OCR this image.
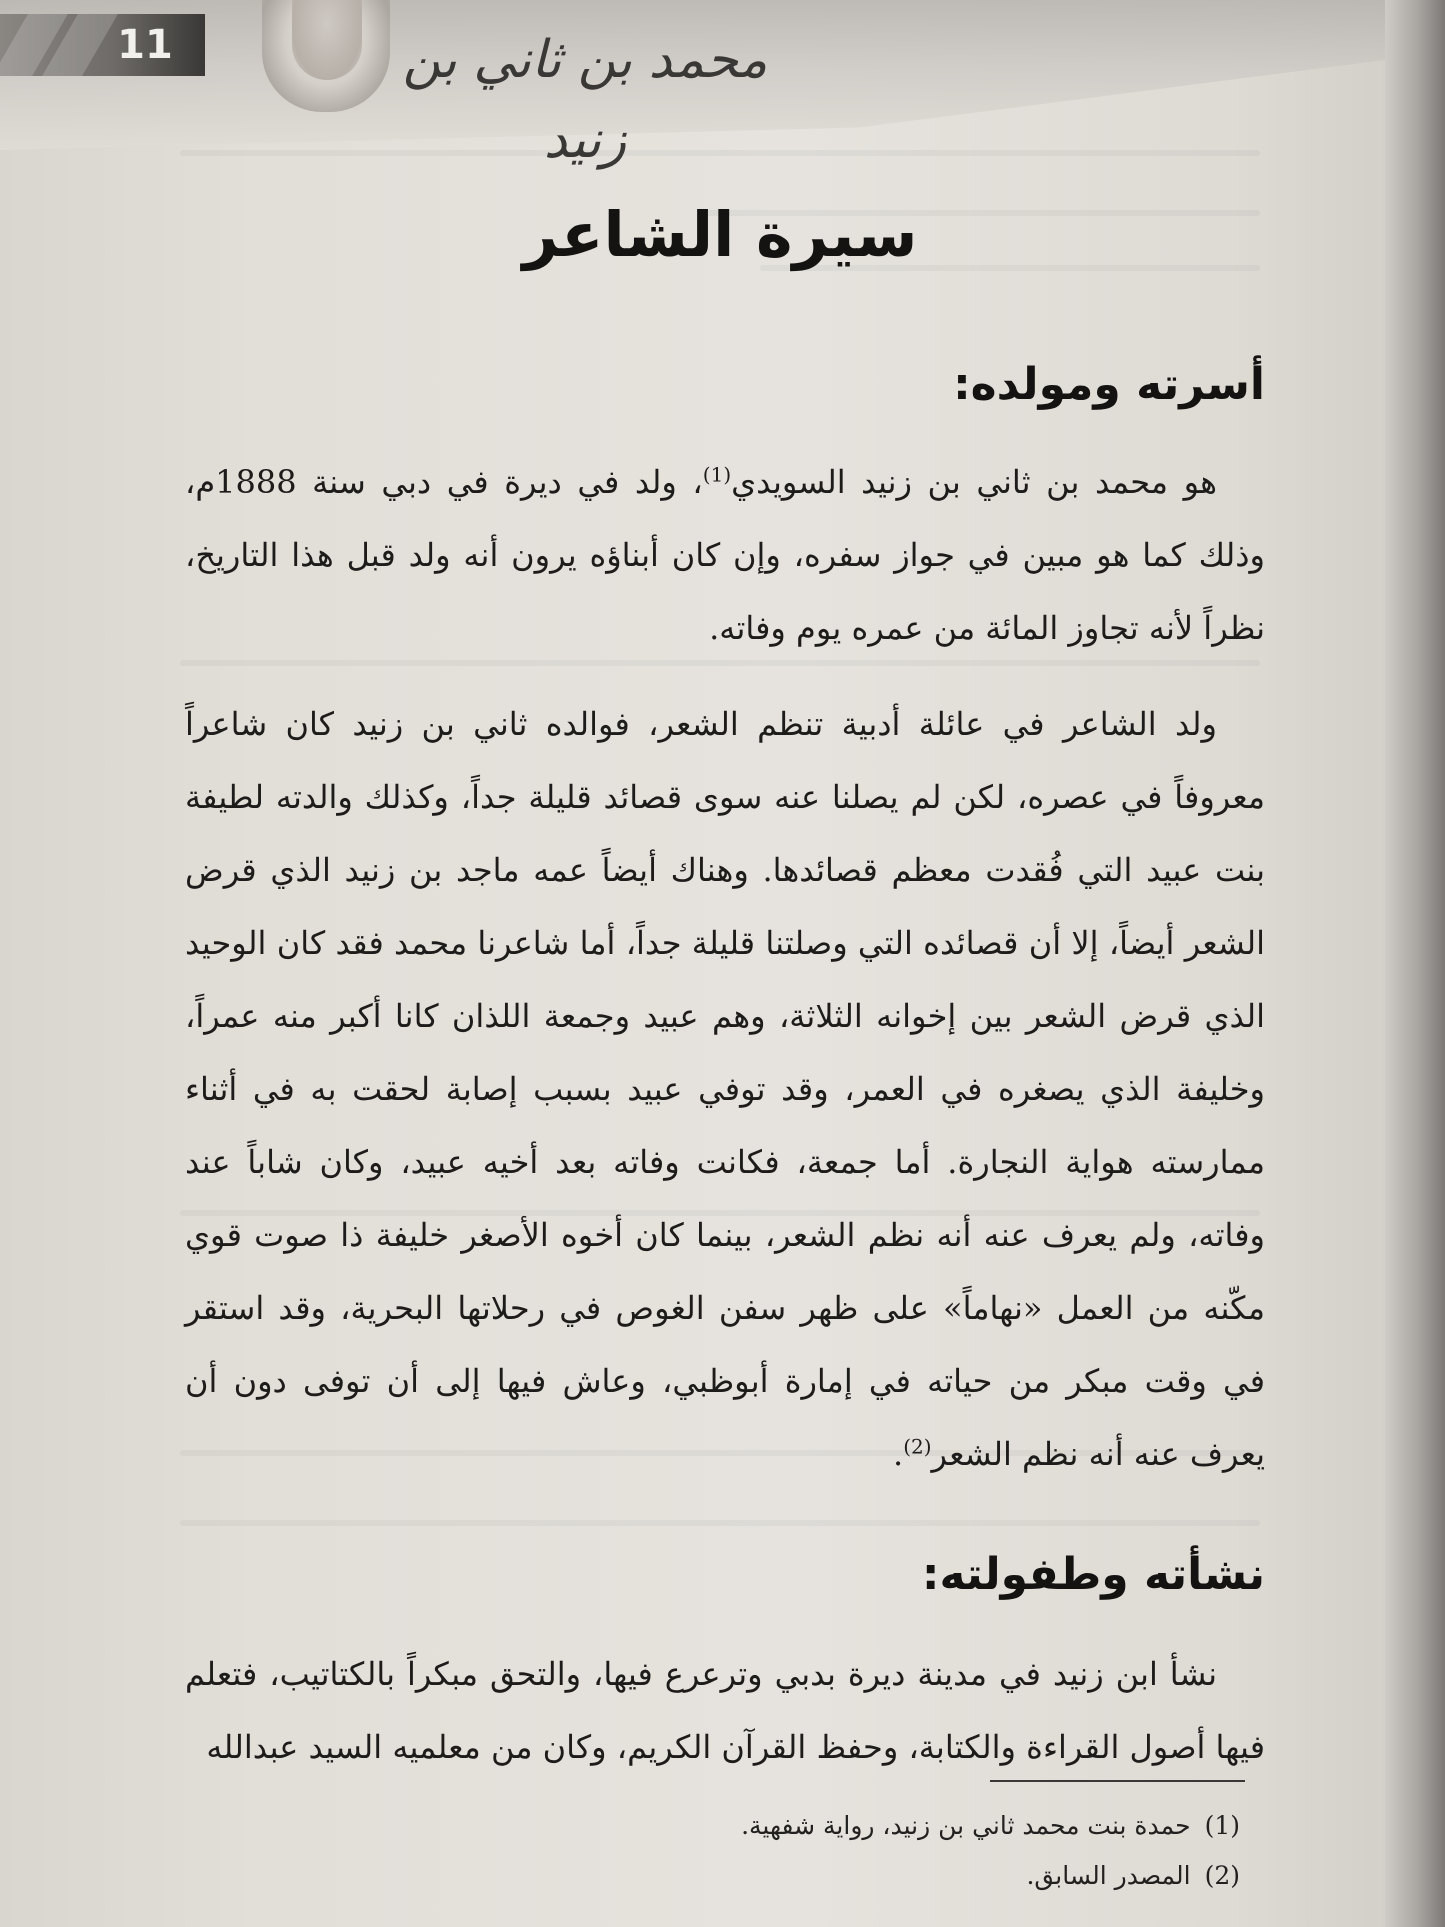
11	محمد بن ثاني بن زنيد
سيرة الشاعر
أسرته ومولده:
هو محمد بن ثاني بن زنيد السويدي$^{(1)}$، ولد في ديرة في دبي سنة 1888م، وذلك كما هو مبين في جواز سفره، وإن كان أبناؤه يرون أنه ولد قبل هذا التاريخ، نظراً لأنه تجاوز المائة من عمره يوم وفاته.
ولد الشاعر في عائلة أدبية تنظم الشعر، فوالده ثاني بن زنيد كان شاعراً معروفاً في عصره، لكن لم يصلنا عنه سوى قصائد قليلة جداً، وكذلك والدته لطيفة بنت عبيد التي فُقدت معظم قصائدها. وهناك أيضاً عمه ماجد بن زنيد الذي قرض الشعر أيضاً، إلا أن قصائده التي وصلتنا قليلة جداً، أما شاعرنا محمد فقد كان الوحيد الذي قرض الشعر بين إخوانه الثلاثة، وهم عبيد وجمعة اللذان كانا أكبر منه عمراً، وخليفة الذي يصغره في العمر، وقد توفي عبيد بسبب إصابة لحقت به في أثناء ممارسته هواية النجارة. أما جمعة، فكانت وفاته بعد أخيه عبيد، وكان شاباً عند وفاته، ولم يعرف عنه أنه نظم الشعر، بينما كان أخوه الأصغر خليفة ذا صوت قوي مكّنه من العمل «نهاماً» على ظهر سفن الغوص في رحلاتها البحرية، وقد استقر في وقت مبكر من حياته في إمارة أبوظبي، وعاش فيها إلى أن توفى دون أن يعرف عنه أنه نظم الشعر$^{(2)}$.
نشأته وطفولته:
نشأ ابن زنيد في مدينة ديرة بدبي وترعرع فيها، والتحق مبكراً بالكتاتيب، فتعلم فيها أصول القراءة والكتابة، وحفظ القرآن الكريم، وكان من معلميه السيد عبدالله
(1)حمدة بنت محمد ثاني بن زنيد، رواية شفهية.
(2)المصدر السابق.
